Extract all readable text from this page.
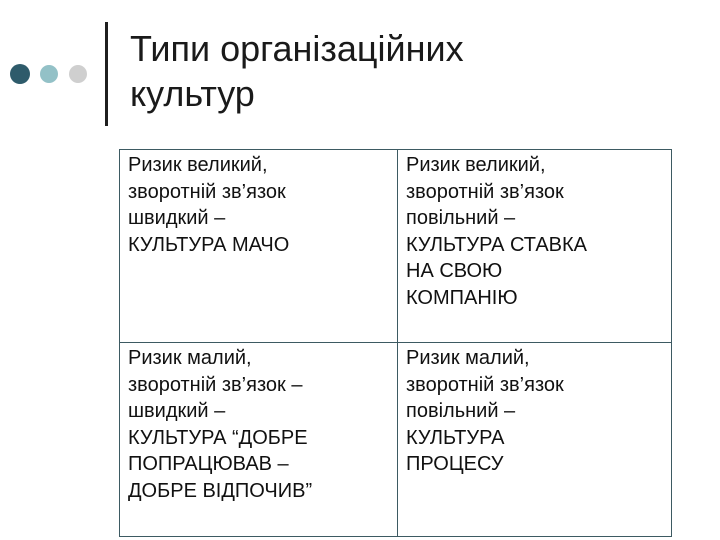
Типи організаційних
культур
Ризик великий,
зворотній зв’язок
швидкий –
КУЛЬТУРА МАЧО
Ризик великий,
зворотній зв’язок
повільний –
КУЛЬТУРА СТАВКА
НА СВОЮ
КОМПАНІЮ
Ризик малий,
зворотній зв’язок –
швидкий –
КУЛЬТУРА “ДОБРЕ
ПОПРАЦЮВАВ –
ДОБРЕ ВІДПОЧИВ”
Ризик малий,
зворотній зв’язок
повільний –
КУЛЬТУРА
ПРОЦЕСУ
